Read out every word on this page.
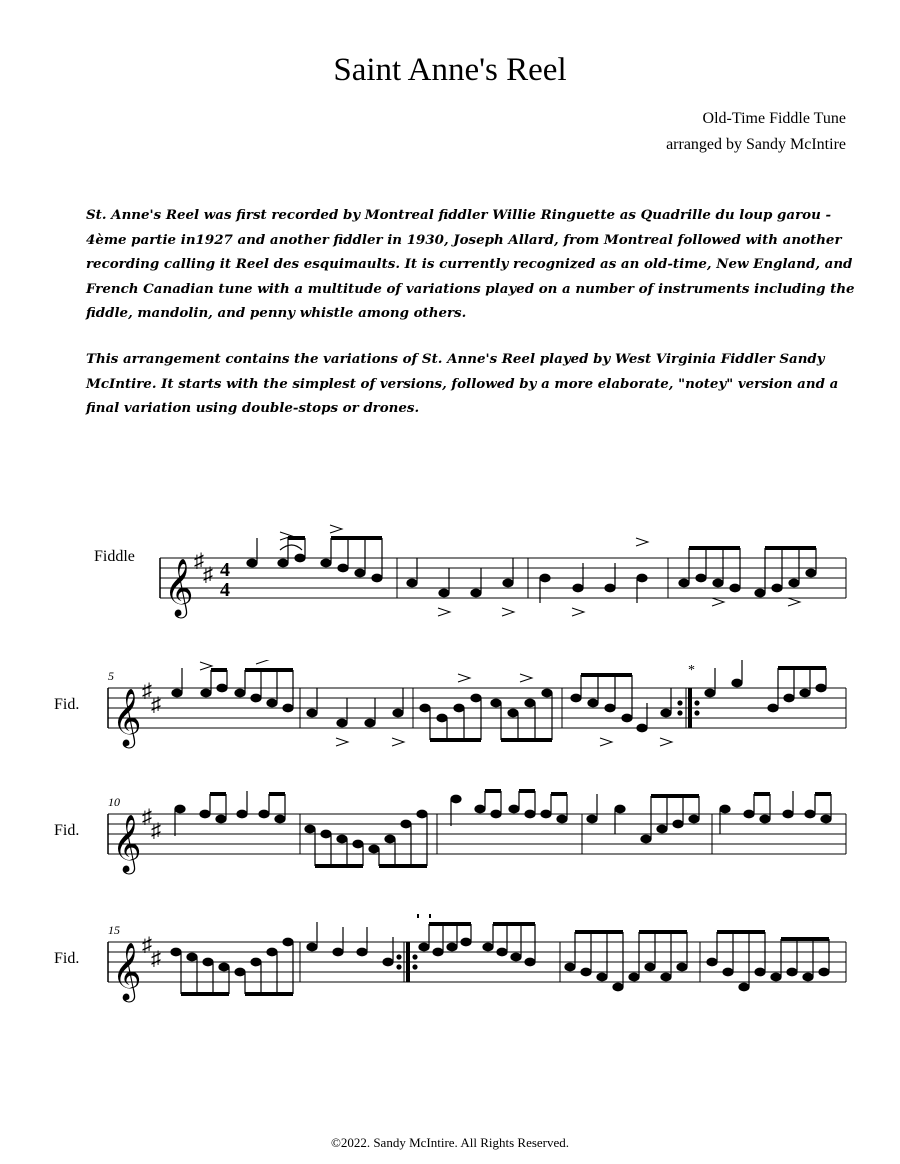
Saint Anne's Reel
Old-Time Fiddle Tune
arranged by Sandy McIntire
St. Anne's Reel was first recorded by Montreal fiddler Willie Ringuette as Quadrille du loup garou - 4ème partie in1927 and another fiddler in 1930, Joseph Allard, from Montreal followed with another recording calling it Reel des esquimaults. It is currently recognized as an old-time, New England, and French Canadian tune with a multitude of variations played on a number of instruments including the fiddle, mandolin, and penny whistle among others.
This arrangement contains the variations of St. Anne's Reel played by West Virginia Fiddler Sandy McIntire. It starts with the simplest of versions, followed by a more elaborate, "notey" version and a final variation using double-stops or drones.
Fiddle
Fid.
Fid.
Fid.
𝄞 ♯
♯ 4
4
5
𝄞 ♯
♯
*
10
𝄞 ♯
♯
15
𝄞 ♯
♯
©2022. Sandy McIntire. All Rights Reserved.
